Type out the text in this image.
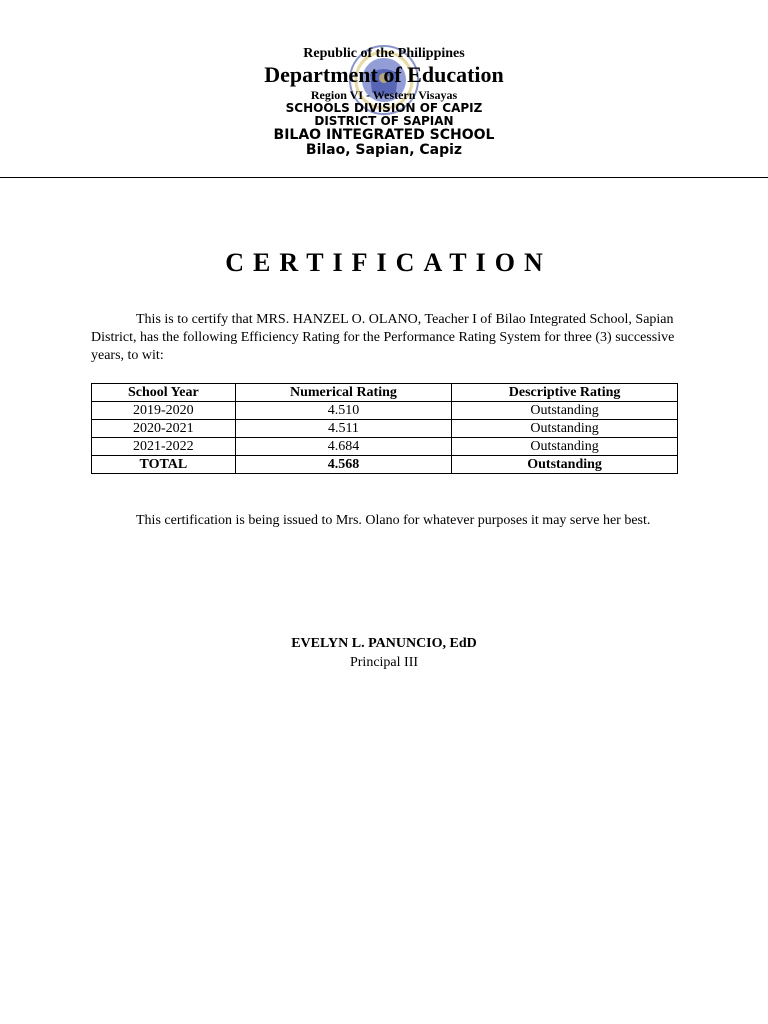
Republic of the Philippines
Department of Education
Region VI - Western Visayas
SCHOOLS DIVISION OF CAPIZ
DISTRICT OF SAPIAN
BILAO INTEGRATED SCHOOL
Bilao, Sapian, Capiz
CERTIFICATION
This is to certify that MRS. HANZEL O. OLANO, Teacher I of Bilao Integrated School, Sapian District, has the following Efficiency Rating for the Performance Rating System for three (3) successive years, to wit:
School Year	Numerical Rating	Descriptive Rating
2019-2020	4.510	Outstanding
2020-2021	4.511	Outstanding
2021-2022	4.684	Outstanding
TOTAL	4.568	Outstanding
This certification is being issued to Mrs. Olano for whatever purposes it may serve her best.
EVELYN L. PANUNCIO, EdD
Principal III
